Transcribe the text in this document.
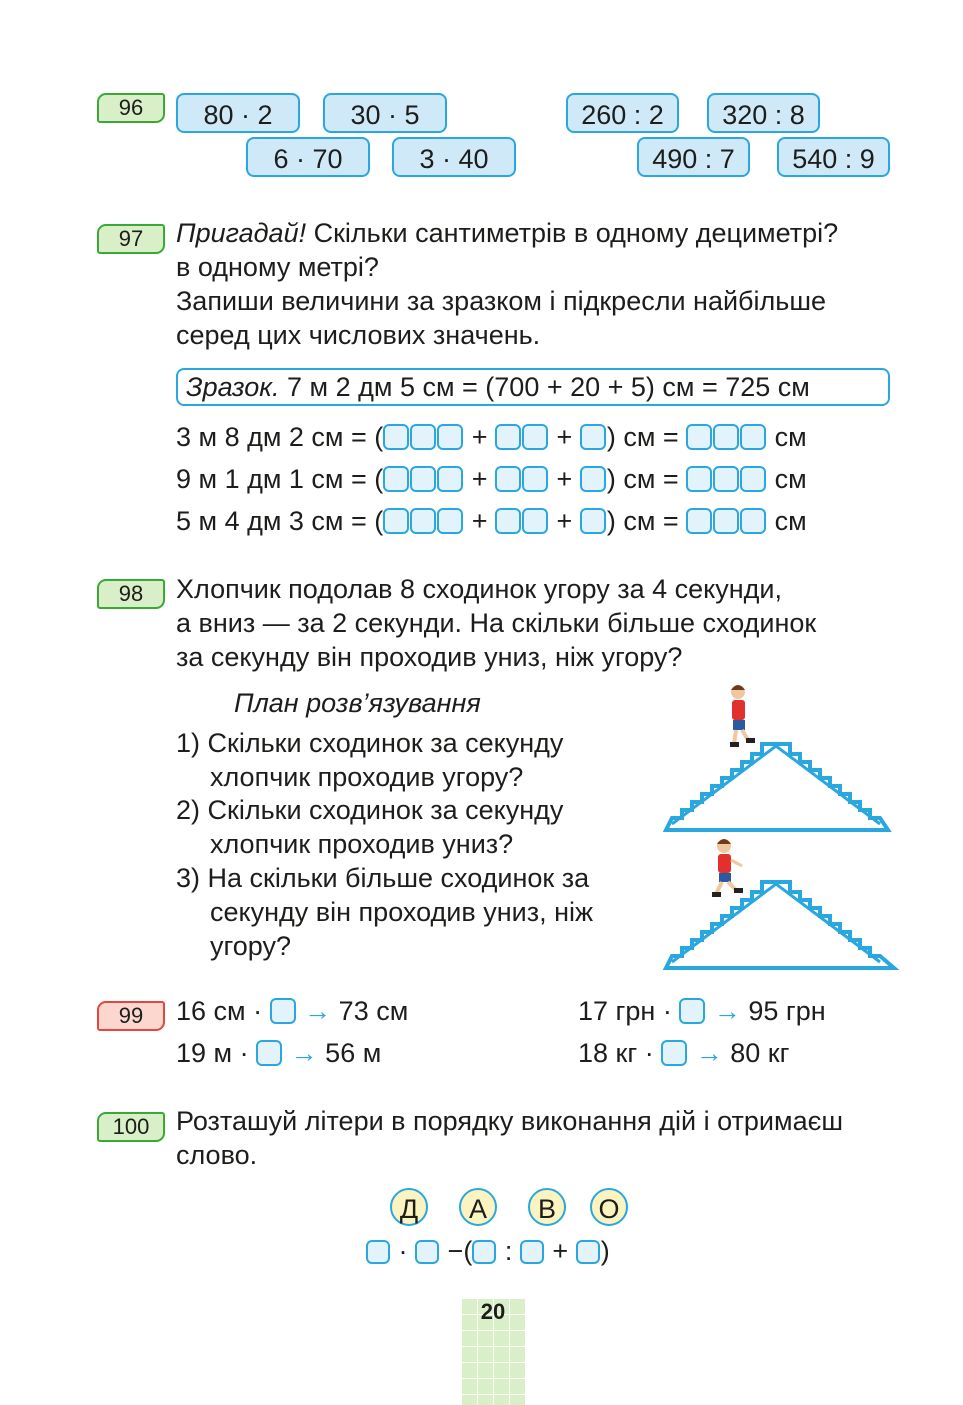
96	80 · 2	30 · 5
6 · 70	3 · 40
260 : 2	320 : 8
490 : 7	540 : 9
97	Пригадай! Скільки сантиметрів в одному дециметрі?
в одному метрі?
Запиши величини за зразком і підкресли найбільше
серед цих числових значень.
Зразок. 7 м 2 дм 5 см = (700 + 20 + 5) см = 725 см
3 м 8 дм 2 см = (	+  + ) см =	см
9 м 1 дм 1 см = (	+  + ) см =	см
5 м 4 дм 3 см = (	+  + ) см =	см
98	Хлопчик подолав 8 сходинок угору за 4 секунди,
а вниз — за 2 секунди. На скільки більше сходинок
за секунду він проходив униз, ніж угору?
План розв’язування
1) Скільки сходинок за секунду
хлопчик проходив угору?
2) Скільки сходинок за секунду
хлопчик проходив униз?
3) На скільки більше сходинок за
секунду він проходив униз, ніж
угору?
99	16 см · → 73 см
19 м · → 56 м
17 грн · → 95 грн
18 кг · → 80 кг
100 Розташуй літери в порядку виконання дій і отримаєш
слово.
Д	А	В	О
· −( : + )
20
